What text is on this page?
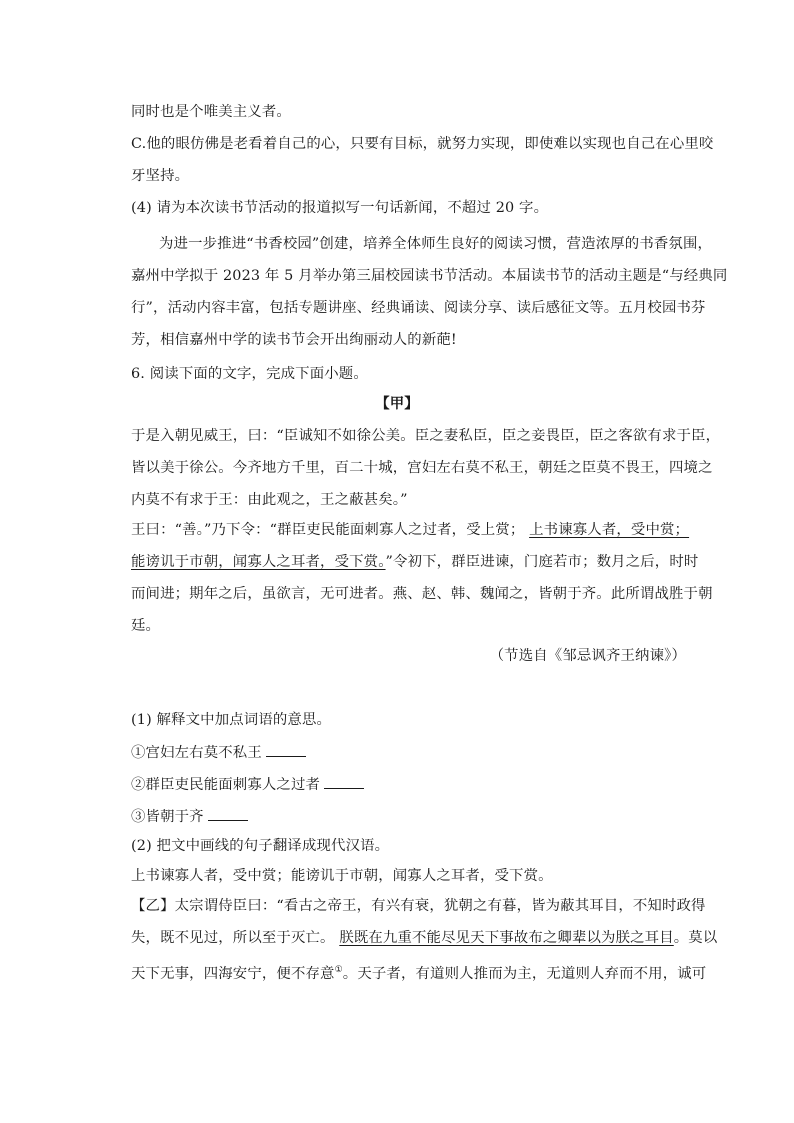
同时也是个唯美主义者。
C.他的眼仿佛是老看着自己的心，只要有目标，就努力实现，即使难以实现也自己在心里咬
牙坚持。
(4) 请为本次读书节活动的报道拟写一句话新闻，不超过 20 字。
为进一步推进“书香校园”创建，培养全体师生良好的阅读习惯，营造浓厚的书香氛围，
嘉州中学拟于 2023 年 5 月举办第三届校园读书节活动。本届读书节的活动主题是“与经典同
行”，活动内容丰富，包括专题讲座、经典诵读、阅读分享、读后感征文等。五月校园书芬
芳，相信嘉州中学的读书节会开出绚丽动人的新葩!
6. 阅读下面的文字，完成下面小题。
【甲】
于是入朝见威王，曰：“臣诚知不如徐公美。臣之妻私臣，臣之妾畏臣，臣之客欲有求于臣，
皆以美于徐公。今齐地方千里，百二十城，宫妇左右莫不私王，朝廷之臣莫不畏王，四境之
内莫不有求于王：由此观之，王之蔽甚矣。”
王曰：“善。”乃下令：“群臣吏民能面刺寡人之过者，受上赏； 上书谏寡人者，受中赏；
能谤讥于市朝，闻寡人之耳者，受下赏。”令初下，群臣进谏，门庭若市；数月之后，时时
而间进；期年之后，虽欲言，无可进者。燕、赵、韩、魏闻之，皆朝于齐。此所谓战胜于朝
廷。
（节选自《邹忌讽齐王纳谏》）
(1) 解释文中加点词语的意思。
①宫妇左右莫不私王
②群臣吏民能面刺寡人之过者
③皆朝于齐
(2) 把文中画线的句子翻译成现代汉语。
上书谏寡人者，受中赏；能谤讥于市朝，闻寡人之耳者，受下赏。
【乙】太宗谓侍臣曰：“看古之帝王，有兴有衰，犹朝之有暮，皆为蔽其耳目，不知时政得
失，既不见过，所以至于灭亡。 朕既在九重不能尽见天下事故布之卿辈以为朕之耳目。莫以
天下无事，四海安宁，便不存意①。天子者，有道则人推而为主，无道则人弃而不用，诚可
